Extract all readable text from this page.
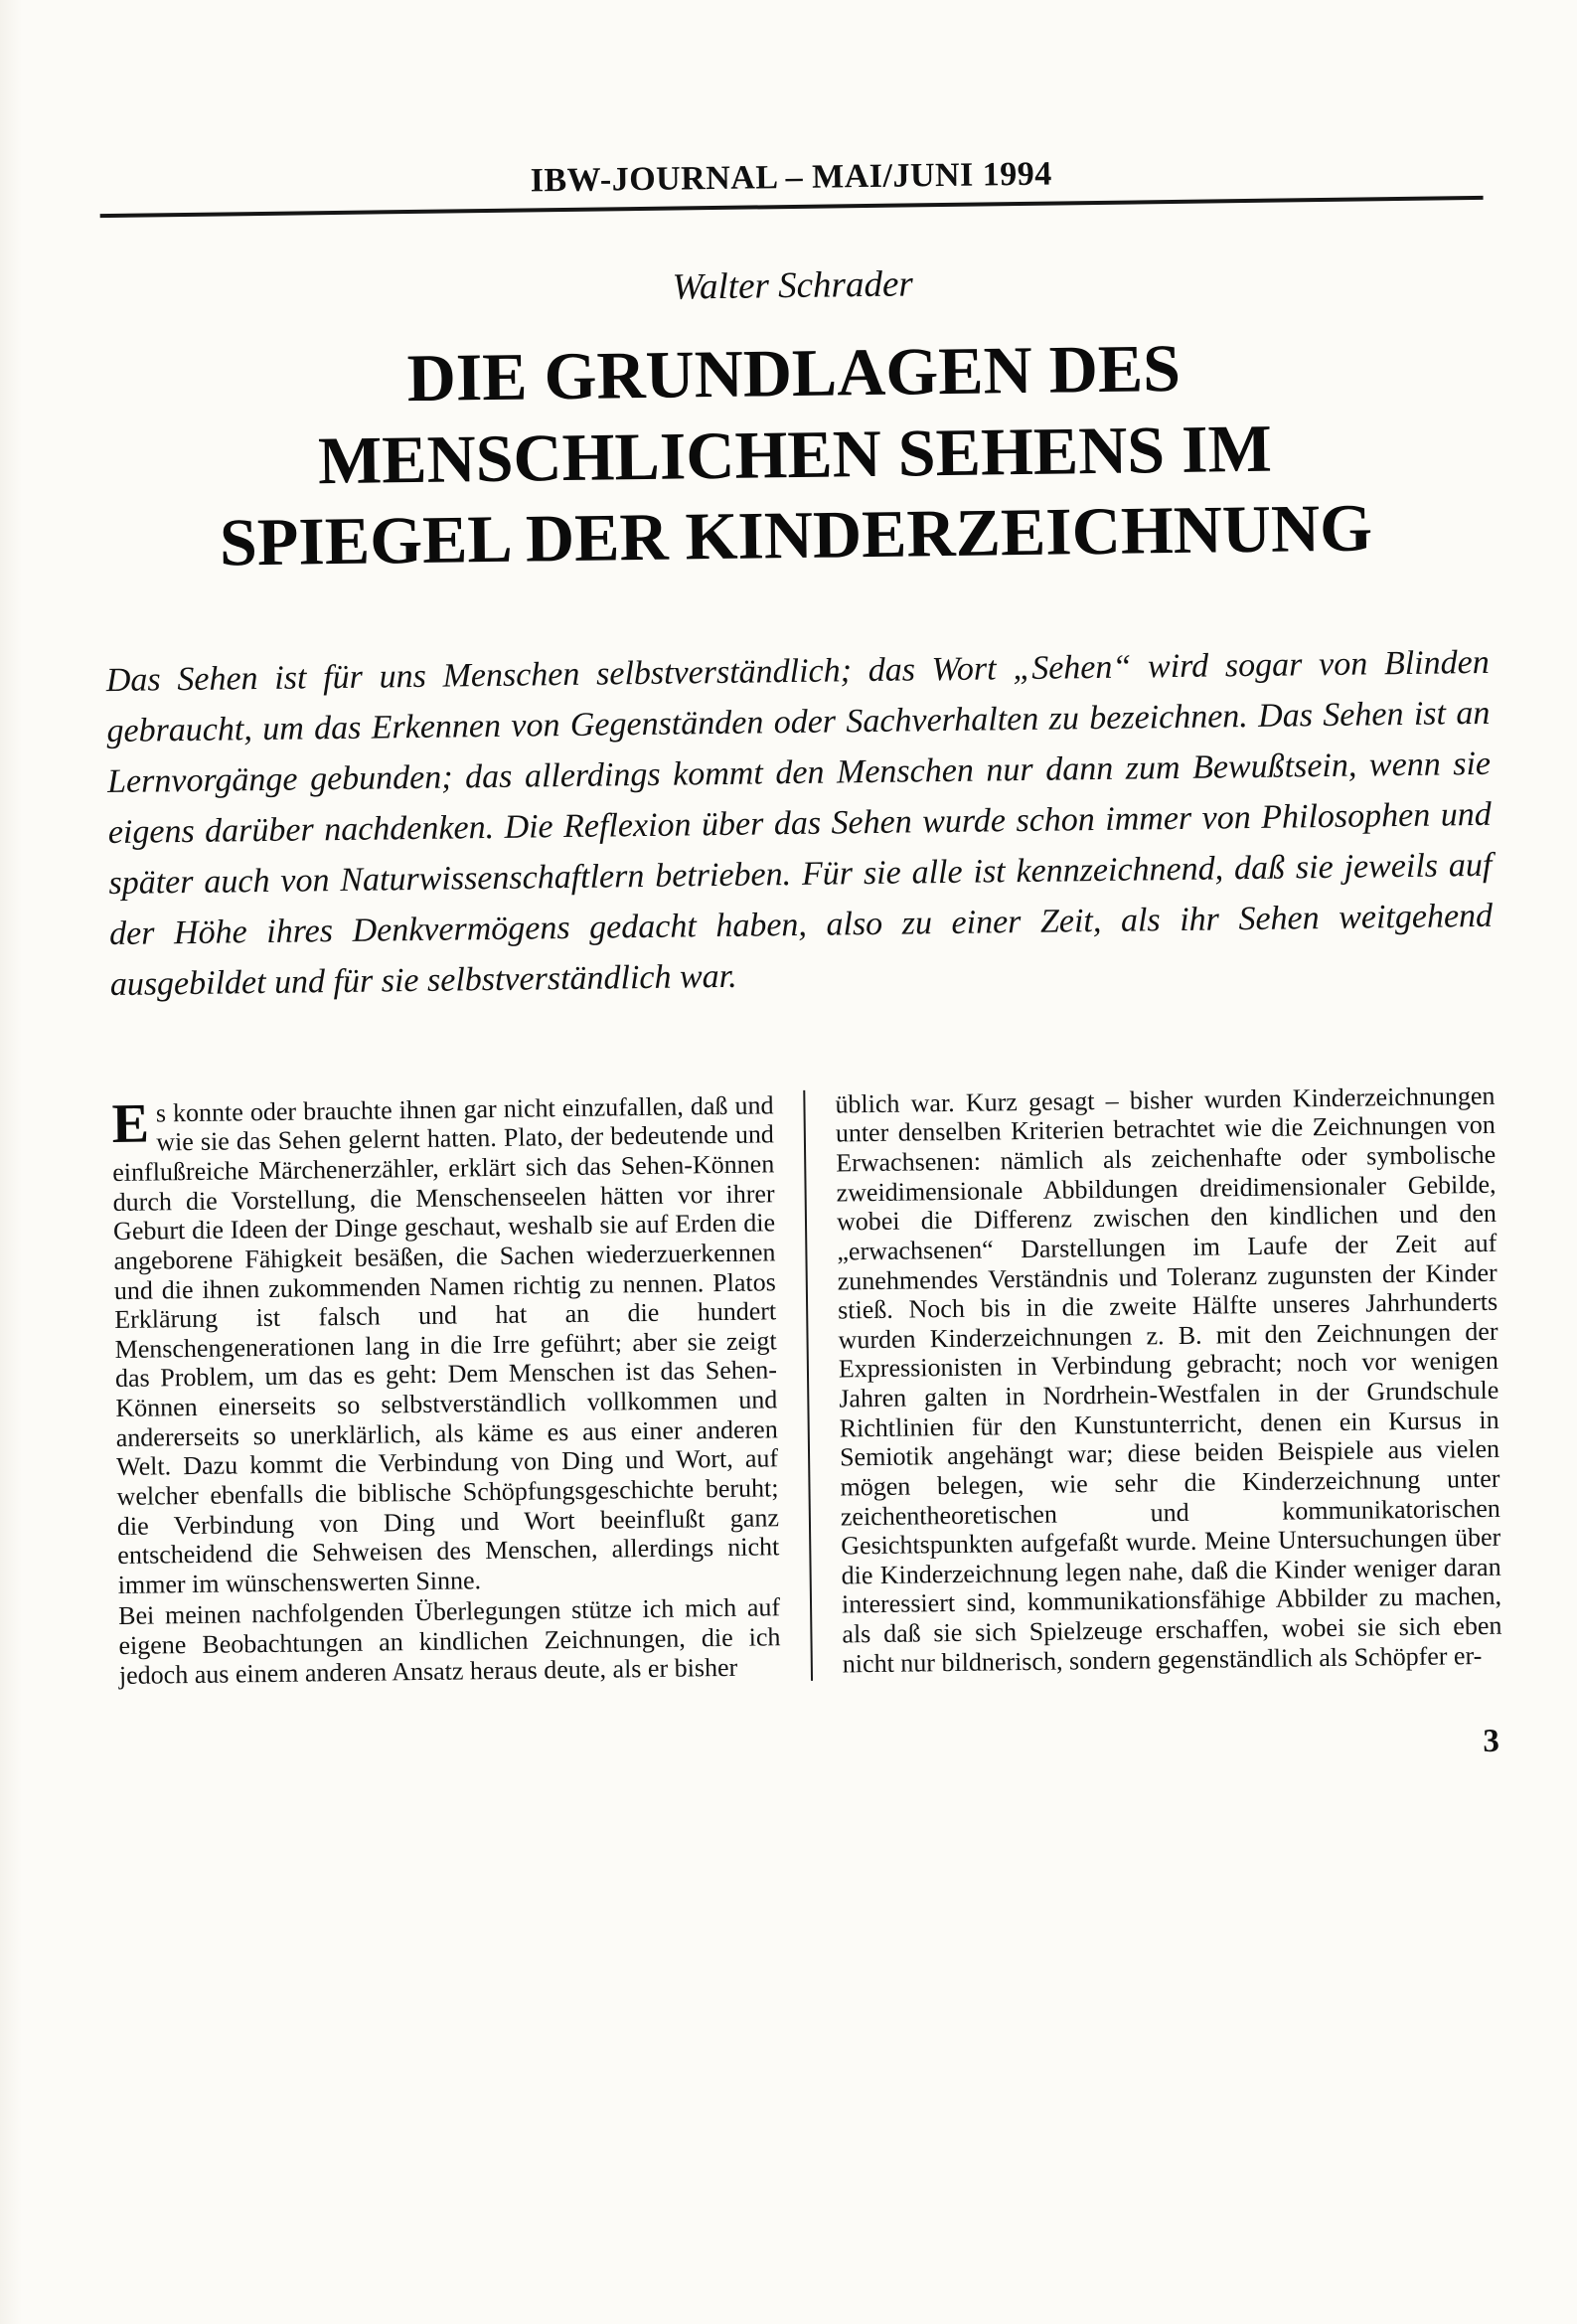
IBW-JOURNAL – MAI/JUNI 1994
Walter Schrader
DIE GRUNDLAGEN DES
MENSCHLICHEN SEHENS IM
SPIEGEL DER KINDERZEICHNUNG

Das Sehen ist für uns Menschen selbstverständlich; das Wort „Sehen“ wird sogar von Blinden gebraucht, um das Erkennen von Gegenständen oder Sachverhalten zu bezeichnen. Das Sehen ist an Lernvorgänge gebunden; das allerdings kommt den Menschen nur dann zum Bewußtsein, wenn sie eigens darüber nachdenken. Die Reflexion über das Sehen wurde schon immer von Philosophen und später auch von Naturwissenschaftlern betrieben. Für sie alle ist kennzeichnend, daß sie jeweils auf der Höhe ihres Denkvermögens gedacht haben, also zu einer Zeit, als ihr Sehen weitgehend ausgebildet und für sie selbstverständlich war.

Es konnte oder brauchte ihnen gar nicht einzufallen, daß und wie sie das Sehen gelernt hatten. Plato, der bedeutende und einflußreiche Märchenerzähler, erklärt sich das Sehen-Können durch die Vorstellung, die Menschenseelen hätten vor ihrer Geburt die Ideen der Dinge geschaut, weshalb sie auf Erden die angeborene Fähigkeit besäßen, die Sachen wiederzuerkennen und die ihnen zukommenden Namen richtig zu nennen. Platos Erklärung ist falsch und hat an die hundert Menschengenerationen lang in die Irre geführt; aber sie zeigt das Problem, um das es geht: Dem Menschen ist das Sehen-Können einerseits so selbstverständlich vollkommen und andererseits so unerklärlich, als käme es aus einer anderen Welt. Dazu kommt die Verbindung von Ding und Wort, auf welcher ebenfalls die biblische Schöpfungsgeschichte beruht; die Verbindung von Ding und Wort beeinflußt ganz entscheidend die Sehweisen des Menschen, allerdings nicht immer im wünschenswerten Sinne.

Bei meinen nachfolgenden Überlegungen stütze ich mich auf eigene Beobachtungen an kindlichen Zeichnungen, die ich jedoch aus einem anderen Ansatz heraus deute, als er bisher

üblich war. Kurz gesagt – bisher wurden Kinderzeichnungen unter denselben Kriterien betrachtet wie die Zeichnungen von Erwachsenen: nämlich als zeichenhafte oder symbolische zweidimensionale Abbildungen dreidimensionaler Gebilde, wobei die Differenz zwischen den kindlichen und den „erwachsenen“ Darstellungen im Laufe der Zeit auf zunehmendes Verständnis und Toleranz zugunsten der Kinder stieß. Noch bis in die zweite Hälfte unseres Jahrhunderts wurden Kinderzeichnungen z. B. mit den Zeichnungen der Expressionisten in Verbindung gebracht; noch vor wenigen Jahren galten in Nordrhein-Westfalen in der Grundschule Richtlinien für den Kunstunterricht, denen ein Kursus in Semiotik angehängt war; diese beiden Beispiele aus vielen mögen belegen, wie sehr die Kinderzeichnung unter zeichentheoretischen und kommunikatorischen Gesichtspunkten aufgefaßt wurde. Meine Untersuchungen über die Kinderzeichnung legen nahe, daß die Kinder weniger daran interessiert sind, kommunikationsfähige Abbilder zu machen, als daß sie sich Spielzeuge erschaffen, wobei sie sich eben nicht nur bildnerisch, sondern gegenständlich als Schöpfer er-

3
